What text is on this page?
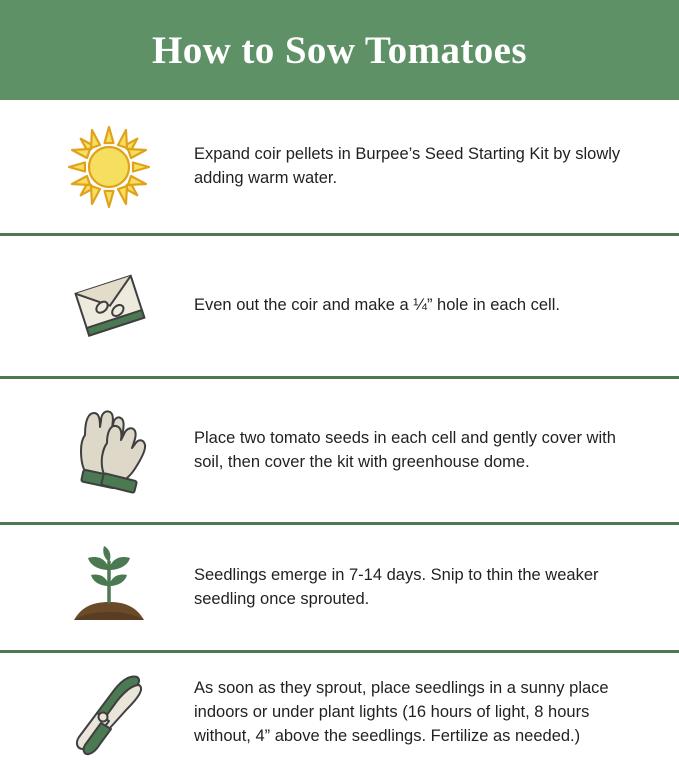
How to Sow Tomatoes
Expand coir pellets in Burpee’s Seed Starting Kit by slowly adding warm water.
Even out the coir and make a ¼” hole in each cell.
Place two tomato seeds in each cell and gently cover with soil, then cover the kit with greenhouse dome.
Seedlings emerge in 7-14 days. Snip to thin the weaker seedling once sprouted.
As soon as they sprout, place seedlings in a sunny place indoors or under plant lights (16 hours of light, 8 hours without, 4” above the seedlings. Fertilize as needed.)
